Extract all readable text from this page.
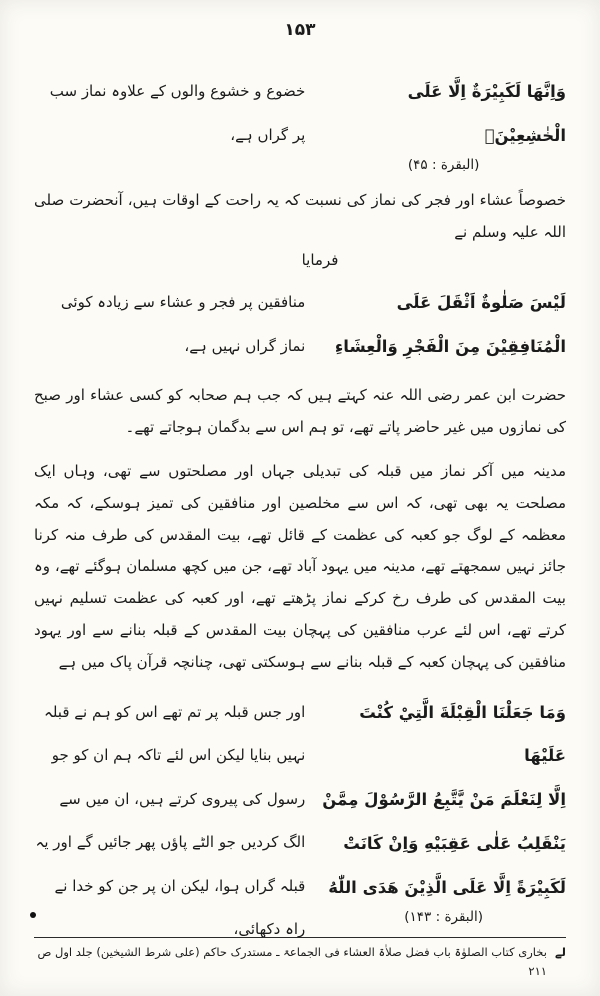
۱۵۳
وَاِنَّهَا لَكَبِيْرَةٌ اِلَّا عَلَى الْخٰشِعِيْنَۙ
(البقرة : ۴۵)
خضوع و خشوع والوں کے علاوہ نماز سب پر گراں ہے،

خصوصاً عشاء اور فجر کی نماز کی نسبت کہ یہ راحت کے اوقات ہیں، آنحضرت صلی اللہ علیہ وسلم نے

فرمایا
لَيْسَ صَلٰوةٌ اَثْقَلَ عَلَى الْمُنَافِقِيْنَ مِنَ الْفَجْرِ وَالْعِشَاءِ
منافقین پر فجر و عشاء سے زیادہ کوئی نماز گراں نہیں ہے،

حضرت ابن عمر رضی اللہ عنہ کہتے ہیں کہ جب ہم صحابہ کو کسی عشاء اور صبح کی نمازوں میں غیر حاضر پاتے تھے، تو ہم اس سے بدگمان ہوجاتے تھے۔

مدینہ میں آکر نماز میں قبلہ کی تبدیلی جہاں اور مصلحتوں سے تھی، وہاں ایک مصلحت یہ بھی تھی، کہ اس سے مخلصین اور منافقین کی تمیز ہوسکے، کہ مکہ معظمہ کے لوگ جو کعبہ کی عظمت کے قائل تھے، بیت المقدس کی طرف منہ کرنا جائز نہیں سمجھتے تھے، مدینہ میں یہود آباد تھے، جن میں کچھ مسلمان ہوگئے تھے، وہ بیت المقدس کی طرف رخ کرکے نماز پڑھتے تھے، اور کعبہ کی عظمت تسلیم نہیں کرتے تھے، اس لئے عرب منافقین کی پہچان بیت المقدس کے قبلہ بنانے سے اور یہود منافقین کی پہچان کعبہ کے قبلہ بنانے سے ہوسکتی تھی، چنانچہ قرآن پاک میں ہے

وَمَا جَعَلْنَا الْقِبْلَةَ الَّتِيْ كُنْتَ عَلَيْهَا
اِلَّا لِنَعْلَمَ مَنْ يَّتَّبِعُ الرَّسُوْلَ مِمَّنْ
يَنْقَلِبُ عَلٰى عَقِبَيْهِ وَاِنْ كَانَتْ
لَكَبِيْرَةً اِلَّا عَلَى الَّذِيْنَ هَدَى اللّٰهُ
(البقرة : ۱۴۳)
اور جس قبلہ پر تم تھے اس کو ہم نے قبلہ نہیں بنایا لیکن اس لئے تاکہ ہم ان کو جو رسول کی پیروی کرتے ہیں، ان میں سے الگ کردیں جو الٹے پاؤں پھر جائیں گے اور یہ قبلہ گراں ہوا، لیکن ان پر جن کو خدا نے راہ دکھائی،
لے
بخاری کتاب الصلوٰۃ باب فضل صلاٰۃ العشاء فی الجماعۃ ـ مستدرک حاکم (علی شرط الشیخین) جلد اول ص ۲۱۱
